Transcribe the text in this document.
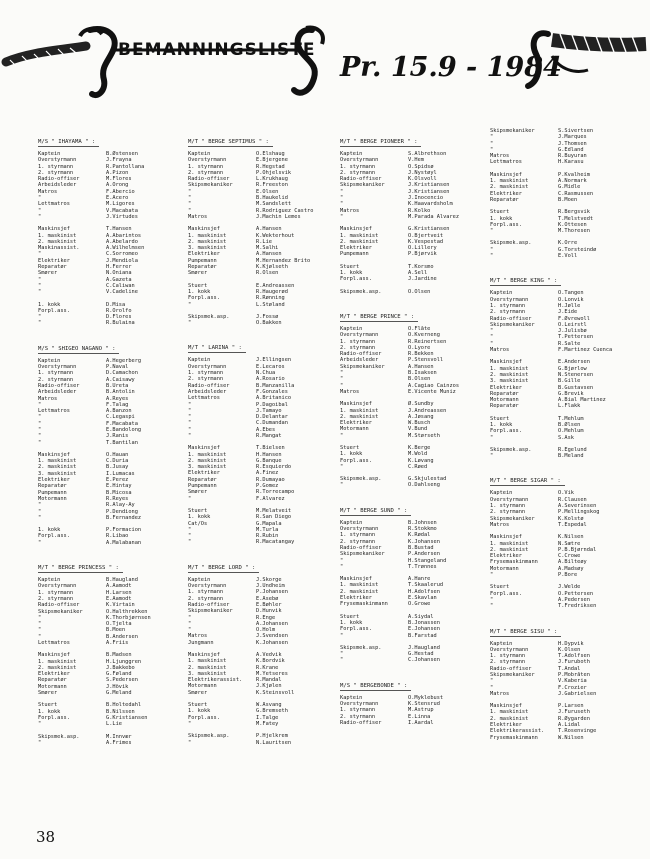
BEMANNINGSLISTE
Pr. 15.9 - 1984
M/S " IHAYAMA " :
Kaptein	B.Østensen
Overstyrmann	J.Frayna
1. styrmann	R.Pantollana
2. styrmann	A.Pizon
Radio-offiser	M.Flores
Arbeidsleder	A.Orong
Matros	F.Abercio
"	E.Acero
Lettmatros	M.Ligores
"	V.Macabata
"	J.Virtudes
Maskinsjef	T.Hansen
1. maskinist	A.Abarintos
2. maskinist	A.Abelardo
Maskinassist.	A.Wilhelmsen
"	C.Sorromeo
Elektriker	J.Mendiola
Reparatør	H.Ferrer
Smører	N.Oniana
"	A.Gazeta
"	C.Caliwan
"	V.Cadeline
1. kokk	D.Misa
Forpl.ass.	R.Orolfo
"	D.Flores
"	R.Bulaina
M/S " SHIGEO NAGANO " :
Kaptein	A.Hegerberg
Overstyrmann	P.Naval
1. styrmann	D.Camachon
2. styrmann	A.Caisawy
Radio-offiser	B.Ureta
Arbeidsleder	B.Antolin
Matros	A.Reyes
"	F.Talag
Lettmatros	A.Banzon
"	C.Legaspi
"	F.Macabata
"	E.Bandolong
"	J.Ranis
"	T.Bantilan
Maskinsjef	O.Hauan
1. maskinist	C.Duria
2. maskinist	B.Jusay
3. maskinist	I.Lumacas
Elektriker	E.Perez
Reparatør	E.Hintay
Pumpemann	B.Micosa
Motormann	R.Reyes
"	R.Alay-Ay
"	P.Dendiong
"	B.Fernandez
1. kokk	P.Formacion
Forpl.ass.	R.Libao
"	A.Malabanan
M/T " BERGE PRINCESS " :
Kaptein	B.Haugland
Overstyrmann	A.Aamodt
1. styrmann	H.Larsen
2. styrmann	E.Aamodt
Radio-offiser	K.Virtain
Skipsmekaniker	O.Halthrekken
"	K.Thorbjørnsen
"	O.Tjelta
"	B.Moen
"	B.Andersen
Lettmatros	A.Friis
Maskinsjef	B.Madsen
1. maskinist	H.Ljunggren
2. maskinist	J.Bakkebo
Elektriker	G.Føland
Reparatør	S.Pedersen
Motormann	J.Hövik
Smører	G.Meland
Stuert	B.Holtedahl
1. kokk	B.Nilssen
Forpl.ass.	G.Kristiansen
"	L.Lie
Skipsmek.asp.	M.Innvær
"	A.Frimes
M/T " BERGE SEPTIMUS " :
Kaptein	O.Elshaug
Overstyrmann	E.Bjergene
1. styrmann	R.Hegstad
2. styrmann	P.Ohjelsvik
Radio-offiser	L.Krukhaug
Skipsmekaniker	R.Freeston
"	E.Olsen
"	B.Haukelid
"	M.Sandslett
"	R.Rodriguez Castro
Matros	J.Machin Lemes
Maskinsjef	A.Hansen
1. maskinist	K.Wekterhout
2. maskinist	R.Lie
3. maskinist	M.Salhi
Elektriker	A.Hansen
Pumpemann	M.Hernandez Brito
Reparatør	K.Kjølseth
Smører	R.Olsen
Stuert	E.Andreassen
1. kokk	R.Haugerød
Forpl.ass.	R.Rønning
"	L.Støland
Skipsmek.asp.	J.Fossø
"	O.Bakken
M/T " LARINA " :
Kaptein	J.Ellingsen
Overstyrmann	E.Lecaros
1. styrmann	N.Chua
2. styrmann	A.Rosario
Radio-offiser	B.Manzanilla
Arbeidsleder	F.Gonzales
Lettmatros	A.Britanico
"	P.Dagoibal
"	J.Tamayo
"	D.Delantar
"	C.Dumandan
"	A.Ebes
"	R.Mangat
Maskinsjef	T.Bielsen
1. maskinist	H.Hansen
2. maskinist	G.Banque
3. maskinist	R.Esquierdo
Elektriker	A.Finez
Reparatør	R.Dumayao
Pumpemann	P.Gomez
Smører	R.Torrecampo
"	F.Alvarez
Stuert	M.Melatveit
1. kokk	R.San Diego
Cat/Os	G.Mapala
"	M.Turla
"	R.Rubin
"	R.Macatangay
M/T " BERGE LORD " :
Kaptein	J.Skorge
Overstyrmann	J.Undheim
1. styrmann	P.Johansen
2. styrmann	E.Åsebø
Radio-offiser	E.Bøhler
Skipsmekaniker	D.Hunvik
"	R.Enge
"	A.Johansen
"	O.Holm
Matros	J.Svendsen
Jungmann	K.Johansen
Maskinsjef	A.Vedvik
1. maskinist	K.Bordvik
2. maskinist	R.Krane
3. maskinist	M.Yetseres
Elektrikerassist.	R.Mandal
Motormann	J.Kjølen
Smører	K.Steinsvoll
Stuert	W.Åsvang
1. kokk	G.Bremseth
Forpl.ass.	I.Talge
"	M.Fatey
Skipsmek.asp.	P.Hjelkrem
"	N.Lauritsen
M/T " BERGE PIONEER " :
Kaptein	S.Albrethson
Overstyrmann	V.Hem
1. styrmann	O.Spidsø
2. styrmann	J.Nystøyl
Radio-offiser	K.Olsvoll
Skipsmekaniker	J.Kristiansen
"	J.Kristiansen
"	J.Inocencio
"	K.Haavardsholm
Matros	R.Kolko
"	M.Parada Alvarez
Maskinsjef	G.Kristiansen
1. maskinist	O.Bjertveit
2. maskinist	K.Vespestad
Elektriker	O.Lillery
Pumpemann	P.Bjørvik
Stuert	T.Korsmo
1. kokk	A.Sell
Forpl.ass.	J.Jardine
Skipsmek.asp.	O.Olsen
M/T " BERGE PRINCE " :
Kaptein	O.Flåte
Overstyrmann	O.Kverneng
1. styrmann	R.Reinertsen
2. styrmann	O.Lyore
Radio-offiser	R.Bekken
Arbeidsleder	P.Stensvoll
Skipsmekaniker	A.Hansen
"	B.Isaksen
"	B.Olsen
"	A.Cagiao Cainzos
Matros	E.Vicente Muniz
Maskinsjef	Ø.Sundby
1. maskinist	J.Andreassen
2. maskinist	A.Jøsang
Elektriker	W.Busch
Motormann	V.Bund
"	M.Størseth
Stuert	K.Berge
1. kokk	M.Wold
Forpl.ass.	K.Løvang
"	C.Røed
Skipsmek.asp.	G.Skjulestad
"	O.Dahlseng
M/T " BERGE SUND " :
Kaptein	B.Johnsen
Overstyrmann	R.Stokkmo
1. styrmann	K.Rødal
2. styrmann	K.Johansen
Radio-offiser	B.Bustad
Skipsmekaniker	P.Andersen
"	H.Stangeland
"	T.Trønnes
Maskinsjef	A.Hanre
1. maskinist	T.Skaalerud
2. maskinist	H.Adolfsen
Elektriker	E.Skavlan
Frysemaskinmann	O.Growe
Stuert	A.Siydal
1. kokk	B.Jonassen
Forpl.ass.	E.Johansen
"	B.Farstad
Skipsmek.asp.	J.Haugland
"	G.Hestad
"	C.Johansen
M/S " BERGEBONDE " :
Kaptein	O.Myklebust
Overstyrmann	K.Stensrud
1. styrmann	M.Astrup
2. styrmann	E.Linna
Radio-offiser	I.Aardal
Skipsmekaniker	S.Sivertsen
"	J.Marques
"	J.Thomsen
"	G.Edland
Matros	R.Buyuran
Lettmatros	H.Karasu
Maskinsjef	P.Kvalheim
1. maskinist	A.Normark
2. maskinist	G.Midle
Elektriker	C.Rasmussen
Reparatør	B.Moen
Stuert	R.Bergsvik
1. kokk	T.Melstvedt
Forpl.ass.	K.Ottesen
"	M.Thoresen
Skipsmek.asp.	K.Orre
"	G.Torsteindø
"	E.Voll
M/T " BERGE KING " :
Kaptein	O.Tangen
Overstyrmann	O.Lonvik
1. styrmann	H.Jølle
2. styrmann	J.Eide
Radio-offiser	F.Øvrewoll
Skipsmekaniker	O.Leirstl
"	J.Julisbø
"	T.Pettersen
"	R.Salte
Matros	F.Martinez Cuenca
Maskinsjef	E.Andersen
1. maskinist	G.Bjørlow
2. maskinist	N.Stenersen
3. maskinist	B.Gille
Elektriker	B.Gustavsen
Reparatør	G.Brevik
Motormann	A.Bial Martinez
Reparatør	L.Flakk
Stuert	T.Mehlum
1. kokk	B.Ølsen
Forpl.ass.	O.Mehlum
"	S.Ask
Skipsmek.asp.	R.Egelund
"	B.Meland
M/T " BERGE SIGAR " :
Kaptein	O.Vik
Overstyrmann	R.Clausen
1. styrmann	A.Severinsen
2. styrmann	P.Mellingskog
Skipsmekaniker	K.Kolstø
Matros	T.Espedal
Maskinsjef	K.Nilsen
1. maskinist	N.Sætre
2. maskinist	P.B.Bjørndal
Elektriker	C.Crowe
Frysemaskinmann	A.Bilteøy
Motormann	A.Madsøy
"	P.Bore
Stuert	J.Welde
Forpl.ass.	O.Pettersen
"	A.Pedersen
"	T.Fredriksen
M/T " BERGE SISU " :
Kaptein	H.Dypvik
Overstyrmann	K.Olsen
1. styrmann	T.Adolfsen
2. styrmann	J.Furuboth
Radio-offiser	T.Andal
Skipsmekaniker	P.Mobråten
"	V.Kaberia
"	F.Crozier
Matros	J.Gabrielsen
Maskinsjef	P.Larsen
1. maskinist	J.Furuseth
2. maskinist	R.Øygarden
Elektriker	A.Lidal
Elektrikerassist.	T.Rosenvinge
Frysemaskinmann	W.Nilsen
38
